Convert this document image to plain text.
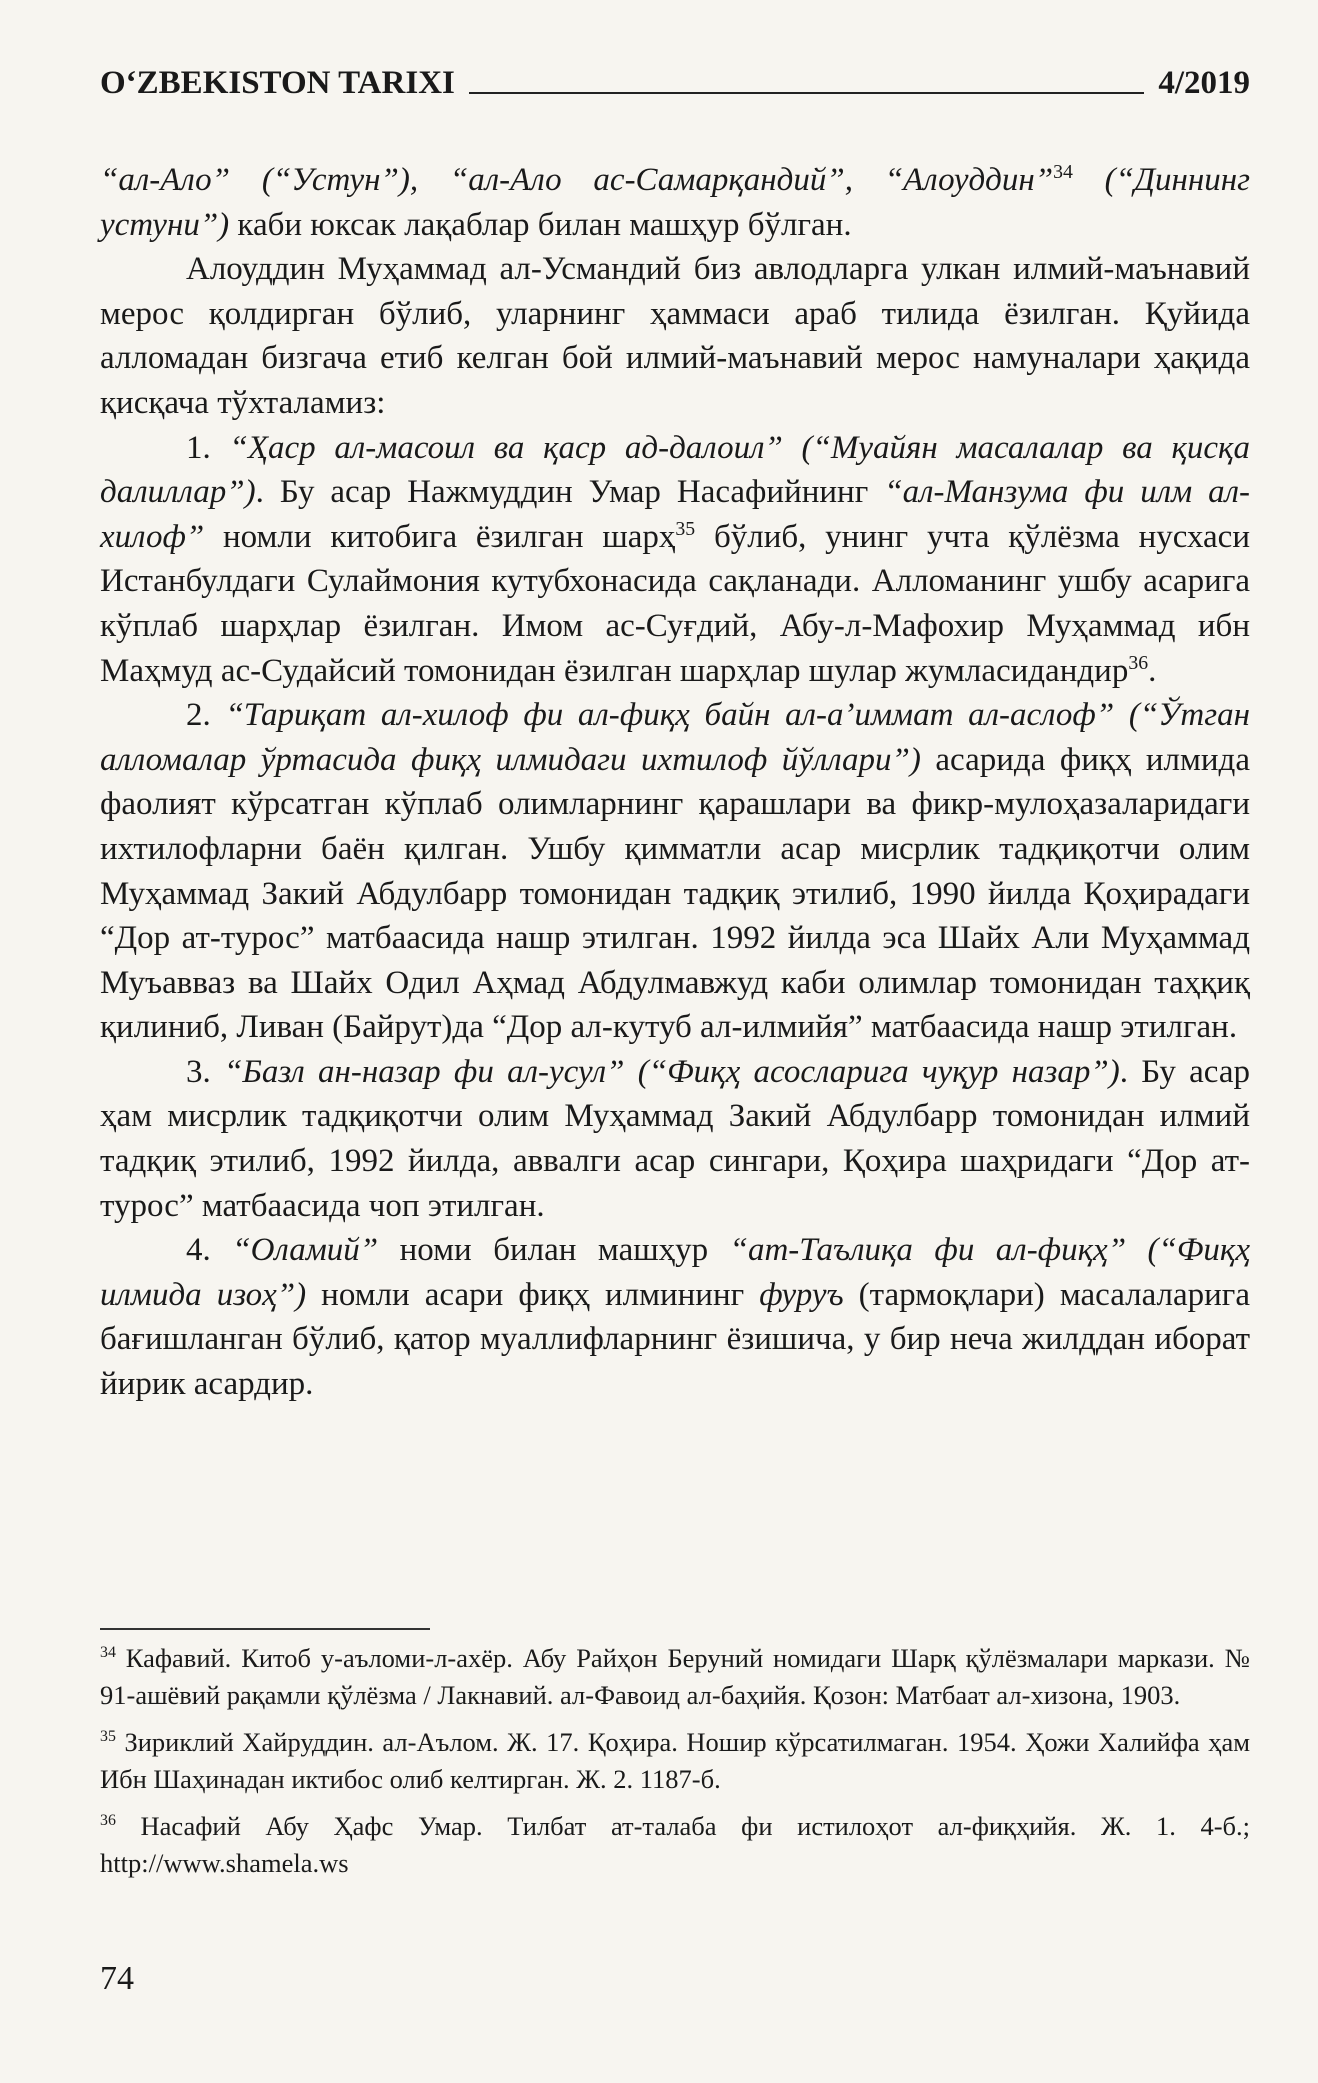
O‘ZBEKISTON TARIXI	4/2019

“ал-Ало” (“Устун”), “ал-Ало ас-Самарқандий”, “Алоуддин”$^{34}$ (“Диннинг устуни”) каби юксак лақаблар билан машҳур бўлган.

Алоуддин Муҳаммад ал-Усмандий биз авлодларга улкан илмий-маънавий мерос қолдирган бўлиб, уларнинг ҳаммаси араб тилида ёзилган. Қуйида алломадан бизгача етиб келган бой илмий-маънавий мерос намуналари ҳақида қисқача тўхталамиз:

1. “Ҳаср ал-масоил ва қаср ад-далоил” (“Муайян масалалар ва қисқа далиллар”). Бу асар Нажмуддин Умар Насафийнинг “ал-Манзума фи илм ал-хилоф” номли китобига ёзилган шарҳ$^{35}$ бўлиб, унинг учта қўлёзма нусхаси Истанбулдаги Сулаймония кутубхонасида сақланади. Алломанинг ушбу асарига кўплаб шарҳлар ёзилган. Имом ас-Суғдий, Абу-л-Мафохир Муҳаммад ибн Маҳмуд ас-Судайсий томонидан ёзилган шарҳлар шулар жумласидандир$^{36}$.

2. “Тариқат ал-хилоф фи ал-фиқҳ байн ал-а’иммат ал-аслоф” (“Ўтган алломалар ўртасида фиқҳ илмидаги ихтилоф йўллари”) асарида фиқҳ илмида фаолият кўрсатган кўплаб олимларнинг қарашлари ва фикр-мулоҳазаларидаги ихтилофларни баён қилган. Ушбу қимматли асар мисрлик тадқиқотчи олим Муҳаммад Закий Абдулбарр томонидан тадқиқ этилиб, 1990 йилда Қоҳирадаги “Дор ат-турос” матбаасида нашр этилган. 1992 йилда эса Шайх Али Муҳаммад Муъавваз ва Шайх Одил Аҳмад Абдулмавжуд каби олимлар томонидан таҳқиқ қилиниб, Ливан (Байрут)да “Дор ал-кутуб ал-илмийя” матбаасида нашр этилган.

3. “Базл ан-назар фи ал-усул” (“Фиқҳ асосларига чуқур назар”). Бу асар ҳам мисрлик тадқиқотчи олим Муҳаммад Закий Абдулбарр томонидан илмий тадқиқ этилиб, 1992 йилда, аввалги асар сингари, Қоҳира шаҳридаги “Дор ат-турос” матбаасида чоп этилган.

4. “Оламий” номи билан машҳур “ат-Таълиқа фи ал-фиқҳ” (“Фиқҳ илмида изоҳ”) номли асари фиқҳ илмининг фуруъ (тармоқлари) масалаларига бағишланган бўлиб, қатор муаллифларнинг ёзишича, у бир неча жилддан иборат йирик асардир.

$^{34}$ Кафавий. Китоб у-аъломи-л-ахёр. Абу Райҳон Беруний номидаги Шарқ қўлёзмалари маркази. № 91-ашёвий рақамли қўлёзма / Лакнавий. ал-Фавоид ал-баҳийя. Қозон: Матбаат ал-хизона, 1903.

$^{35}$ Зириклий Хайруддин. ал-Аълом. Ж. 17. Қоҳира. Ношир кўрсатилмаган. 1954. Ҳожи Халийфа ҳам Ибн Шаҳинадан иктибос олиб келтирган. Ж. 2. 1187-б.

$^{36}$ Насафий Абу Ҳафс Умар. Тилбат ат-талаба фи истилоҳот ал-фиқҳийя. Ж. 1. 4-б.; http://www.shamela.ws

74
